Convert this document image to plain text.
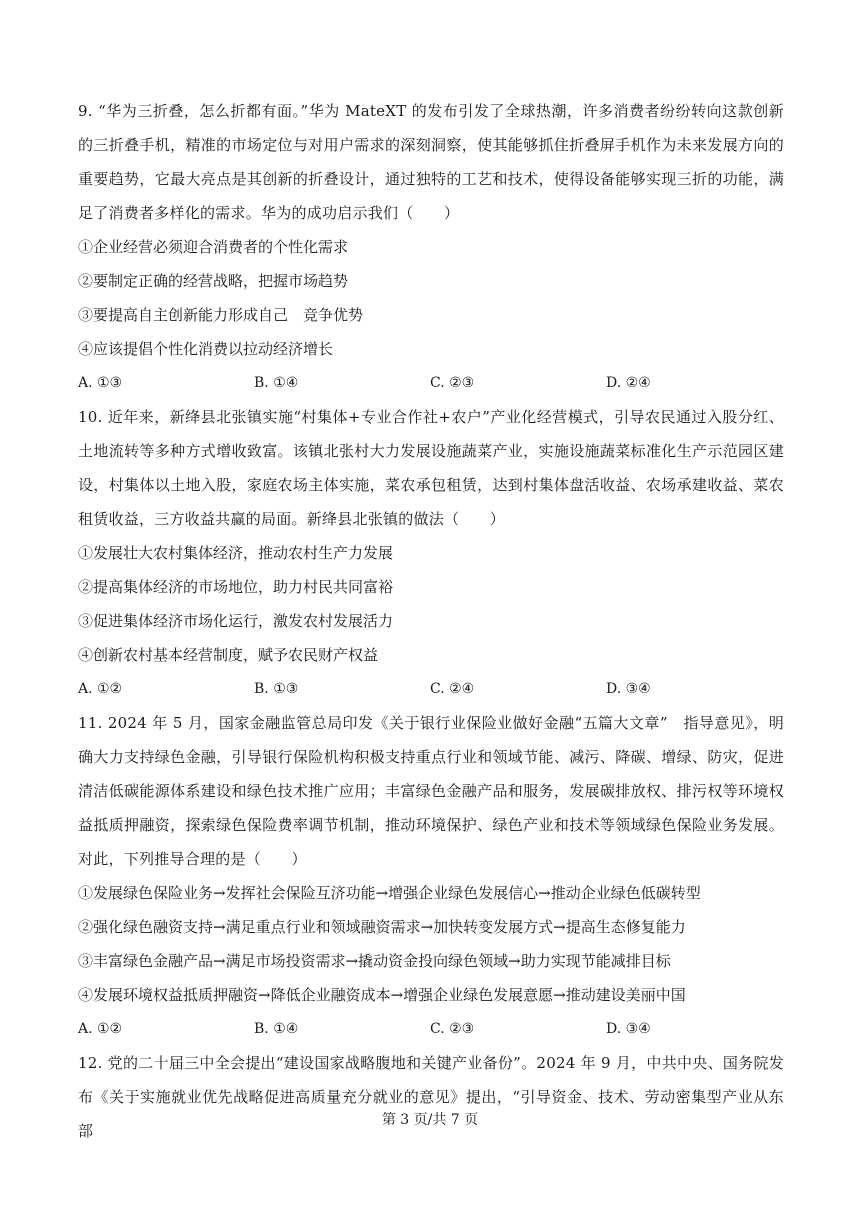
9. “华为三折叠，怎么折都有面。”华为 MateXT 的发布引发了全球热潮，许多消费者纷纷转向这款创新的三折叠手机，精准的市场定位与对用户需求的深刻洞察，使其能够抓住折叠屏手机作为未来发展方向的重要趋势，它最大亮点是其创新的折叠设计，通过独特的工艺和技术，使得设备能够实现三折的功能，满足了消费者多样化的需求。华为的成功启示我们（　　）

①企业经营必须迎合消费者的个性化需求

②要制定正确的经营战略，把握市场趋势

③要提高自主创新能力形成自己　竞争优势

④应该提倡个性化消费以拉动经济增长

A. ①③	B. ①④	C. ②③	D. ②④

10. 近年来，新绛县北张镇实施“村集体+专业合作社+农户”产业化经营模式，引导农民通过入股分红、土地流转等多种方式增收致富。该镇北张村大力发展设施蔬菜产业，实施设施蔬菜标准化生产示范园区建设，村集体以土地入股，家庭农场主体实施，菜农承包租赁，达到村集体盘活收益、农场承建收益、菜农租赁收益，三方收益共赢的局面。新绛县北张镇的做法（　　）

①发展壮大农村集体经济，推动农村生产力发展

②提高集体经济的市场地位，助力村民共同富裕

③促进集体经济市场化运行，激发农村发展活力

④创新农村基本经营制度，赋予农民财产权益

A. ①②	B. ①③	C. ②④	D. ③④

11. 2024 年 5 月，国家金融监管总局印发《关于银行业保险业做好金融“五篇大文章”　指导意见》，明确大力支持绿色金融，引导银行保险机构积极支持重点行业和领域节能、减污、降碳、增绿、防灾，促进清洁低碳能源体系建设和绿色技术推广应用；丰富绿色金融产品和服务，发展碳排放权、排污权等环境权益抵质押融资，探索绿色保险费率调节机制，推动环境保护、绿色产业和技术等领域绿色保险业务发展。对此，下列推导合理的是（　　）

①发展绿色保险业务→发挥社会保险互济功能→增强企业绿色发展信心→推动企业绿色低碳转型

②强化绿色融资支持→满足重点行业和领域融资需求→加快转变发展方式→提高生态修复能力

③丰富绿色金融产品→满足市场投资需求→撬动资金投向绿色领域→助力实现节能减排目标

④发展环境权益抵质押融资→降低企业融资成本→增强企业绿色发展意愿→推动建设美丽中国

A. ①②	B. ①④	C. ②③	D. ③④

12. 党的二十届三中全会提出“建设国家战略腹地和关键产业备份”。2024 年 9 月，中共中央、国务院发布《关于实施就业优先战略促进高质量充分就业的意见》提出，“引导资金、技术、劳动密集型产业从东部

第 3 页/共 7 页
